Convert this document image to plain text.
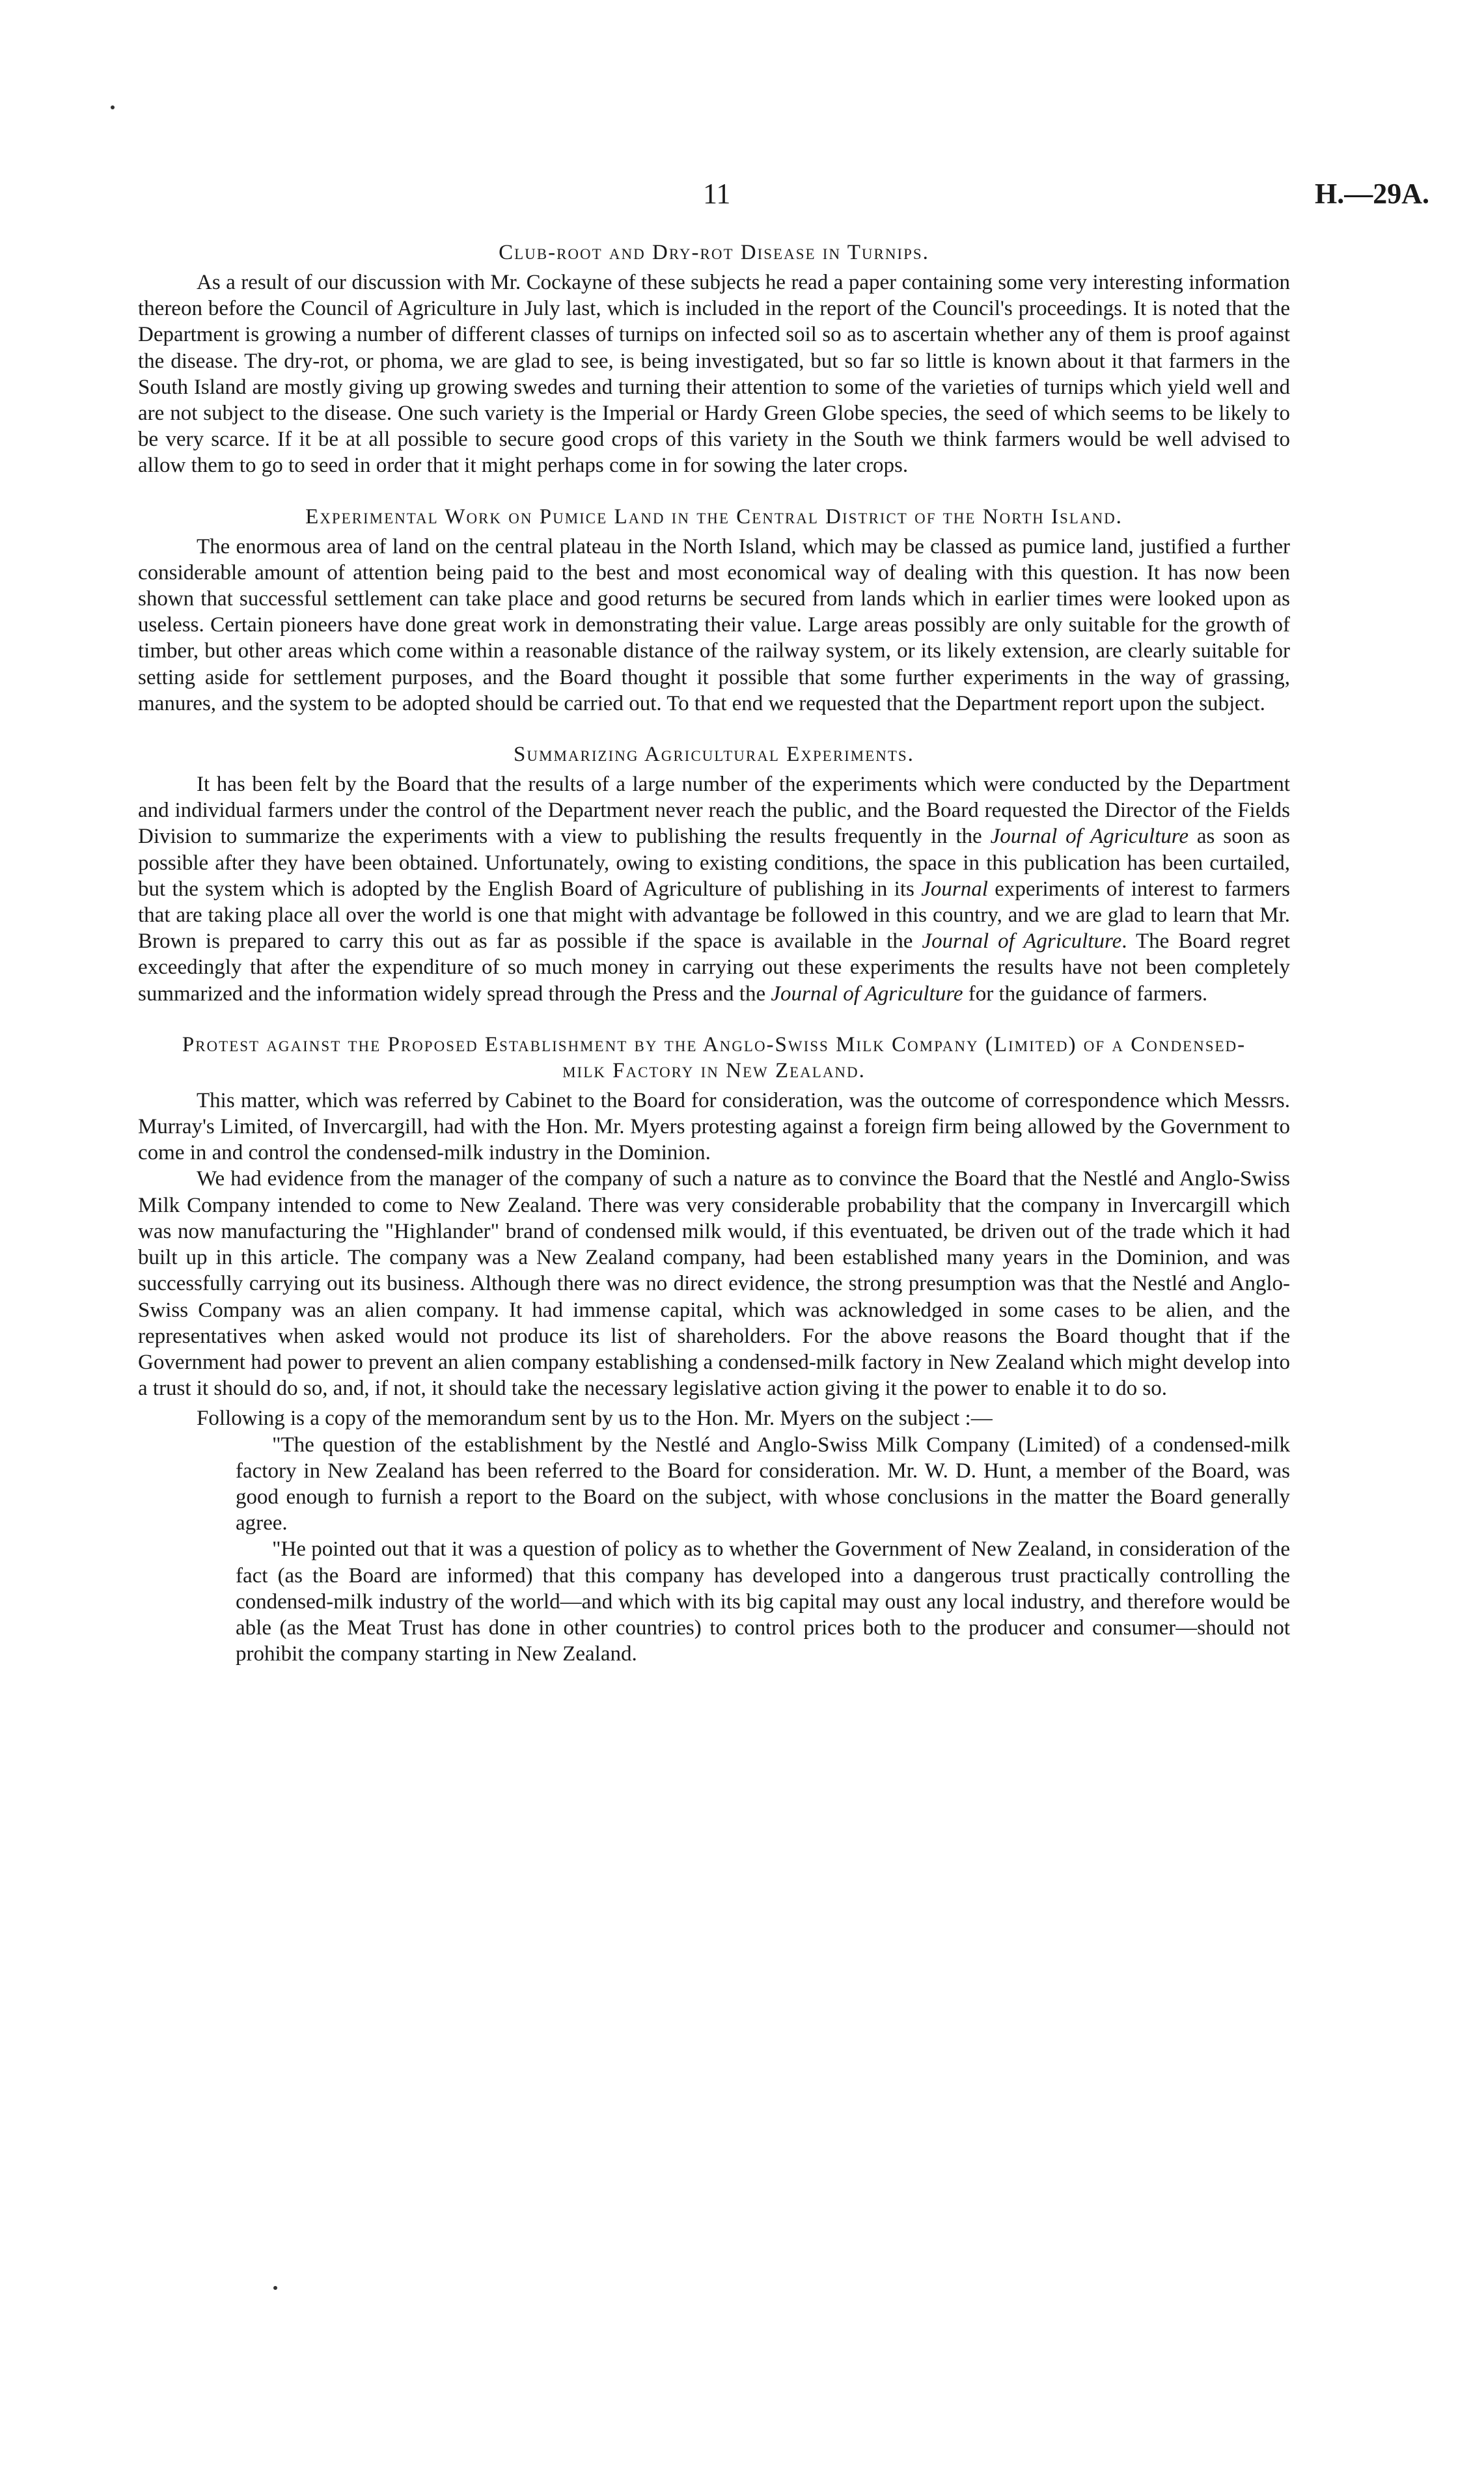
11	H.—29A.
Club-root and Dry-rot Disease in Turnips.

As a result of our discussion with Mr. Cockayne of these subjects he read a paper containing some very interesting information thereon before the Council of Agriculture in July last, which is included in the report of the Council's proceedings. It is noted that the Department is growing a number of different classes of turnips on infected soil so as to ascertain whether any of them is proof against the disease. The dry-rot, or phoma, we are glad to see, is being investigated, but so far so little is known about it that farmers in the South Island are mostly giving up growing swedes and turning their attention to some of the varieties of turnips which yield well and are not subject to the disease. One such variety is the Imperial or Hardy Green Globe species, the seed of which seems to be likely to be very scarce. If it be at all possible to secure good crops of this variety in the South we think farmers would be well advised to allow them to go to seed in order that it might perhaps come in for sowing the later crops.

Experimental Work on Pumice Land in the Central District of the North Island.

The enormous area of land on the central plateau in the North Island, which may be classed as pumice land, justified a further considerable amount of attention being paid to the best and most economical way of dealing with this question. It has now been shown that successful settlement can take place and good returns be secured from lands which in earlier times were looked upon as useless. Certain pioneers have done great work in demonstrating their value. Large areas possibly are only suitable for the growth of timber, but other areas which come within a reasonable distance of the railway system, or its likely extension, are clearly suitable for setting aside for settlement purposes, and the Board thought it possible that some further experiments in the way of grassing, manures, and the system to be adopted should be carried out. To that end we requested that the Department report upon the subject.

Summarizing Agricultural Experiments.

It has been felt by the Board that the results of a large number of the experiments which were conducted by the Department and individual farmers under the control of the Department never reach the public, and the Board requested the Director of the Fields Division to summarize the experiments with a view to publishing the results frequently in the Journal of Agriculture as soon as possible after they have been obtained. Unfortunately, owing to existing conditions, the space in this publication has been curtailed, but the system which is adopted by the English Board of Agriculture of publishing in its Journal experiments of interest to farmers that are taking place all over the world is one that might with advantage be followed in this country, and we are glad to learn that Mr. Brown is prepared to carry this out as far as possible if the space is available in the Journal of Agriculture. The Board regret exceedingly that after the expenditure of so much money in carrying out these experiments the results have not been completely summarized and the information widely spread through the Press and the Journal of Agriculture for the guidance of farmers.

Protest against the Proposed Establishment by the Anglo-Swiss Milk Company (Limited) of a Condensed-milk Factory in New Zealand.

This matter, which was referred by Cabinet to the Board for consideration, was the outcome of correspondence which Messrs. Murray's Limited, of Invercargill, had with the Hon. Mr. Myers protesting against a foreign firm being allowed by the Government to come in and control the condensed-milk industry in the Dominion.

We had evidence from the manager of the company of such a nature as to convince the Board that the Nestlé and Anglo-Swiss Milk Company intended to come to New Zealand. There was very considerable probability that the company in Invercargill which was now manufacturing the "Highlander" brand of condensed milk would, if this eventuated, be driven out of the trade which it had built up in this article. The company was a New Zealand company, had been established many years in the Dominion, and was successfully carrying out its business. Although there was no direct evidence, the strong presumption was that the Nestlé and Anglo-Swiss Company was an alien company. It had immense capital, which was acknowledged in some cases to be alien, and the representatives when asked would not produce its list of shareholders. For the above reasons the Board thought that if the Government had power to prevent an alien company establishing a condensed-milk factory in New Zealand which might develop into a trust it should do so, and, if not, it should take the necessary legislative action giving it the power to enable it to do so.

Following is a copy of the memorandum sent by us to the Hon. Mr. Myers on the subject :—

"The question of the establishment by the Nestlé and Anglo-Swiss Milk Company (Limited) of a condensed-milk factory in New Zealand has been referred to the Board for consideration. Mr. W. D. Hunt, a member of the Board, was good enough to furnish a report to the Board on the subject, with whose conclusions in the matter the Board generally agree.

"He pointed out that it was a question of policy as to whether the Government of New Zealand, in consideration of the fact (as the Board are informed) that this company has developed into a dangerous trust practically controlling the condensed-milk industry of the world—and which with its big capital may oust any local industry, and therefore would be able (as the Meat Trust has done in other countries) to control prices both to the producer and consumer—should not prohibit the company starting in New Zealand.
